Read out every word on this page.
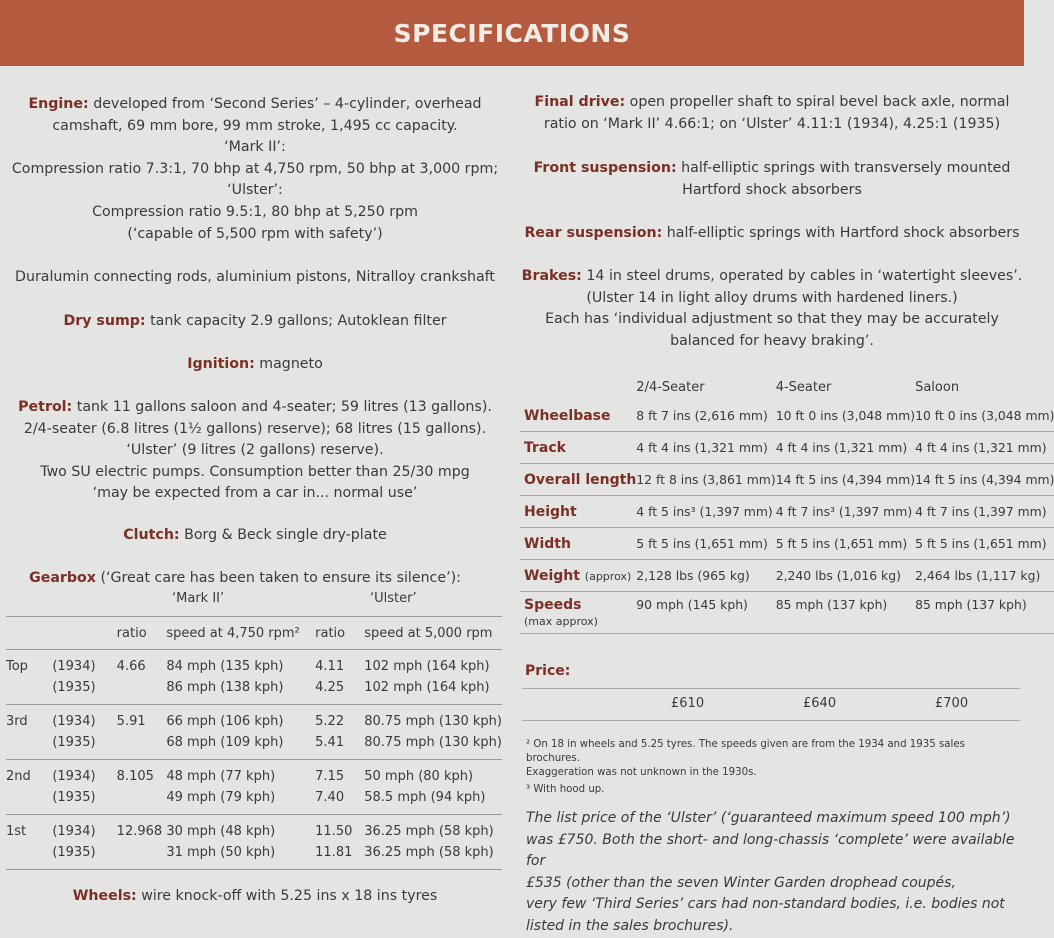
SPECIFICATIONS

Engine: developed from ‘Second Series’ – 4-cylinder, overhead

camshaft, 69 mm bore, 99 mm stroke, 1,495 cc capacity.

‘Mark II’:

Compression ratio 7.3:1, 70 bhp at 4,750 rpm, 50 bhp at 3,000 rpm;

‘Ulster’:

Compression ratio 9.5:1, 80 bhp at 5,250 rpm

(‘capable of 5,500 rpm with safety’)

Duralumin connecting rods, aluminium pistons, Nitralloy crankshaft
Dry sump: tank capacity 2.9 gallons; Autoklean filter
Ignition: magneto

Petrol: tank 11 gallons saloon and 4-seater; 59 litres (13 gallons).

2/4-seater (6.8 litres (1½ gallons) reserve); 68 litres (15 gallons).

‘Ulster’ (9 litres (2 gallons) reserve).

Two SU electric pumps. Consumption better than 25/30 mpg

‘may be expected from a car in... normal use’

Clutch: Borg & Beck single dry-plate
Gearbox (‘Great care has been taken to ensure its silence’):
‘Mark II’	‘Ulster’
		ratio	speed at 4,750 rpm²	ratio	speed at 5,000 rpm
Top	(1934)	4.66	84 mph (135 kph)	4.11	102 mph (164 kph)
	(1935)		86 mph (138 kph)	4.25	102 mph (164 kph)
3rd	(1934)	5.91	66 mph (106 kph)	5.22	80.75 mph (130 kph)
	(1935)		68 mph (109 kph)	5.41	80.75 mph (130 kph)
2nd	(1934)	8.105	48 mph (77 kph)	7.15	50 mph (80 kph)
	(1935)		49 mph (79 kph)	7.40	58.5 mph (94 kph)
1st	(1934)	12.968	30 mph (48 kph)	11.50	36.25 mph (58 kph)
	(1935)		31 mph (50 kph)	11.81	36.25 mph (58 kph)
Wheels: wire knock-off with 5.25 ins x 18 ins tyres

Final drive: open propeller shaft to spiral bevel back axle, normal

ratio on ‘Mark II’ 4.66:1; on ‘Ulster’ 4.11:1 (1934), 4.25:1 (1935)

Front suspension: half-elliptic springs with transversely mounted

Hartford shock absorbers

Rear suspension: half-elliptic springs with Hartford shock absorbers

Brakes: 14 in steel drums, operated by cables in ‘watertight sleeves’.

(Ulster 14 in light alloy drums with hardened liners.)

Each has ‘individual adjustment so that they may be accurately

balanced for heavy braking’.

	2/4-Seater	4-Seater	Saloon
Wheelbase	8 ft 7 ins (2,616 mm)	10 ft 0 ins (3,048 mm)	10 ft 0 ins (3,048 mm)
Track	4 ft 4 ins (1,321 mm)	4 ft 4 ins (1,321 mm)	4 ft 4 ins (1,321 mm)
Overall length	12 ft 8 ins (3,861 mm)	14 ft 5 ins (4,394 mm)	14 ft 5 ins (4,394 mm)
Height	4 ft 5 ins³ (1,397 mm)	4 ft 7 ins³ (1,397 mm)	4 ft 7 ins (1,397 mm)
Width	5 ft 5 ins (1,651 mm)	5 ft 5 ins (1,651 mm)	5 ft 5 ins (1,651 mm)
Weight (approx)	2,128 lbs (965 kg)	2,240 lbs (1,016 kg)	2,464 lbs (1,117 kg)
Speeds
(max approx)	90 mph (145 kph)	85 mph (137 kph)	85 mph (137 kph)
Price:
£610	£640	£700

² On 18 in wheels and 5.25 tyres. The speeds given are from the 1934 and 1935 sales brochures.

Exaggeration was not unknown in the 1930s.

³ With hood up.

The list price of the ‘Ulster’ (‘guaranteed maximum speed 100 mph’)

was £750. Both the short- and long-chassis ‘complete’ were available for

£535 (other than the seven Winter Garden drophead coupés,

very few ‘Third Series’ cars had non-standard bodies, i.e. bodies not

listed in the sales brochures).
